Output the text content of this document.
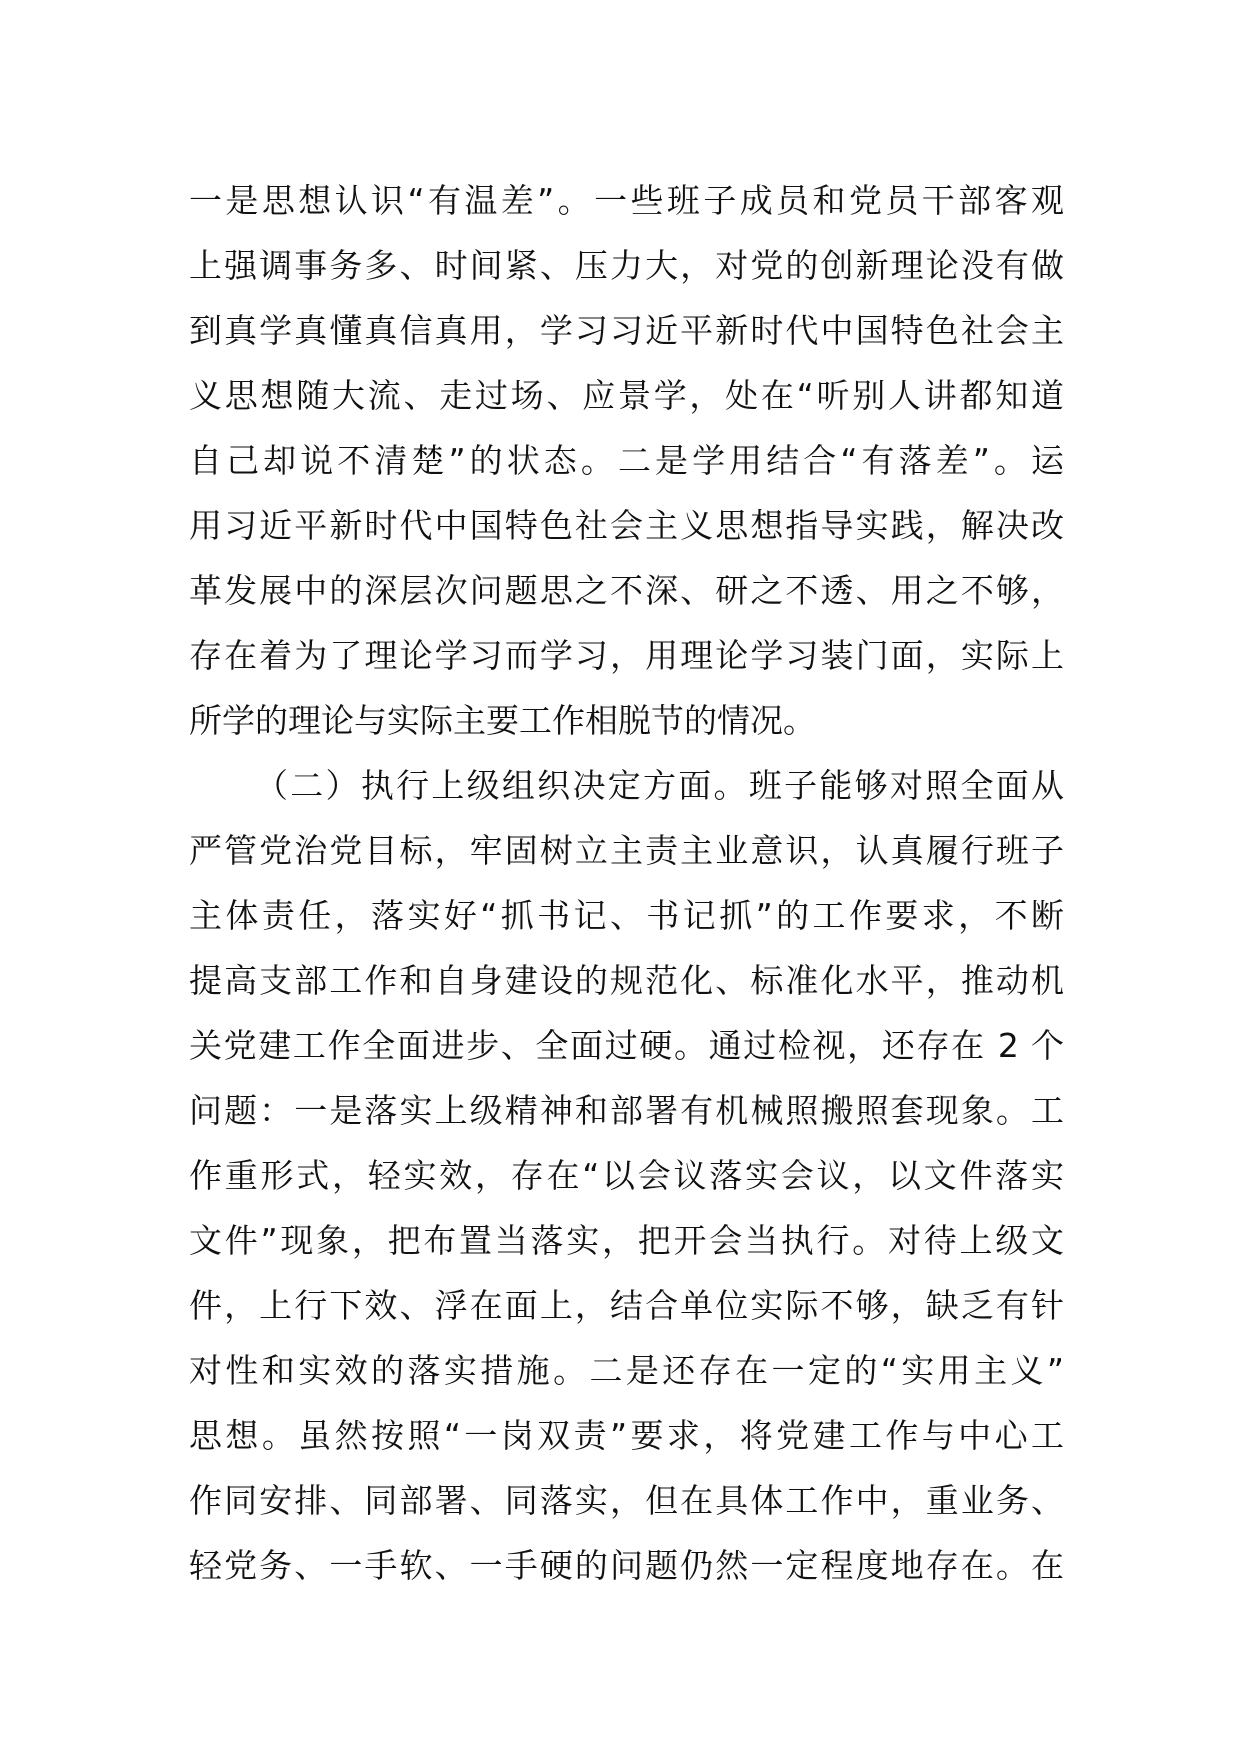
一是思想认识“有温差”。一些班子成员和党员干部客观
上强调事务多、时间紧、压力大，对党的创新理论没有做
到真学真懂真信真用，学习习近平新时代中国特色社会主
义思想随大流、走过场、应景学，处在“听别人讲都知道
自己却说不清楚”的状态。二是学用结合“有落差”。运
用习近平新时代中国特色社会主义思想指导实践，解决改
革发展中的深层次问题思之不深、研之不透、用之不够，
存在着为了理论学习而学习，用理论学习装门面，实际上
所学的理论与实际主要工作相脱节的情况。
（二）执行上级组织决定方面。班子能够对照全面从
严管党治党目标，牢固树立主责主业意识，认真履行班子
主体责任，落实好“抓书记、书记抓”的工作要求，不断
提高支部工作和自身建设的规范化、标准化水平，推动机
关党建工作全面进步、全面过硬。通过检视，还存在 2 个
问题：一是落实上级精神和部署有机械照搬照套现象。工
作重形式，轻实效，存在“以会议落实会议，以文件落实
文件”现象，把布置当落实，把开会当执行。对待上级文
件，上行下效、浮在面上，结合单位实际不够，缺乏有针
对性和实效的落实措施。二是还存在一定的“实用主义”
思想。虽然按照“一岗双责”要求，将党建工作与中心工
作同安排、同部署、同落实，但在具体工作中，重业务、
轻党务、一手软、一手硬的问题仍然一定程度地存在。在
